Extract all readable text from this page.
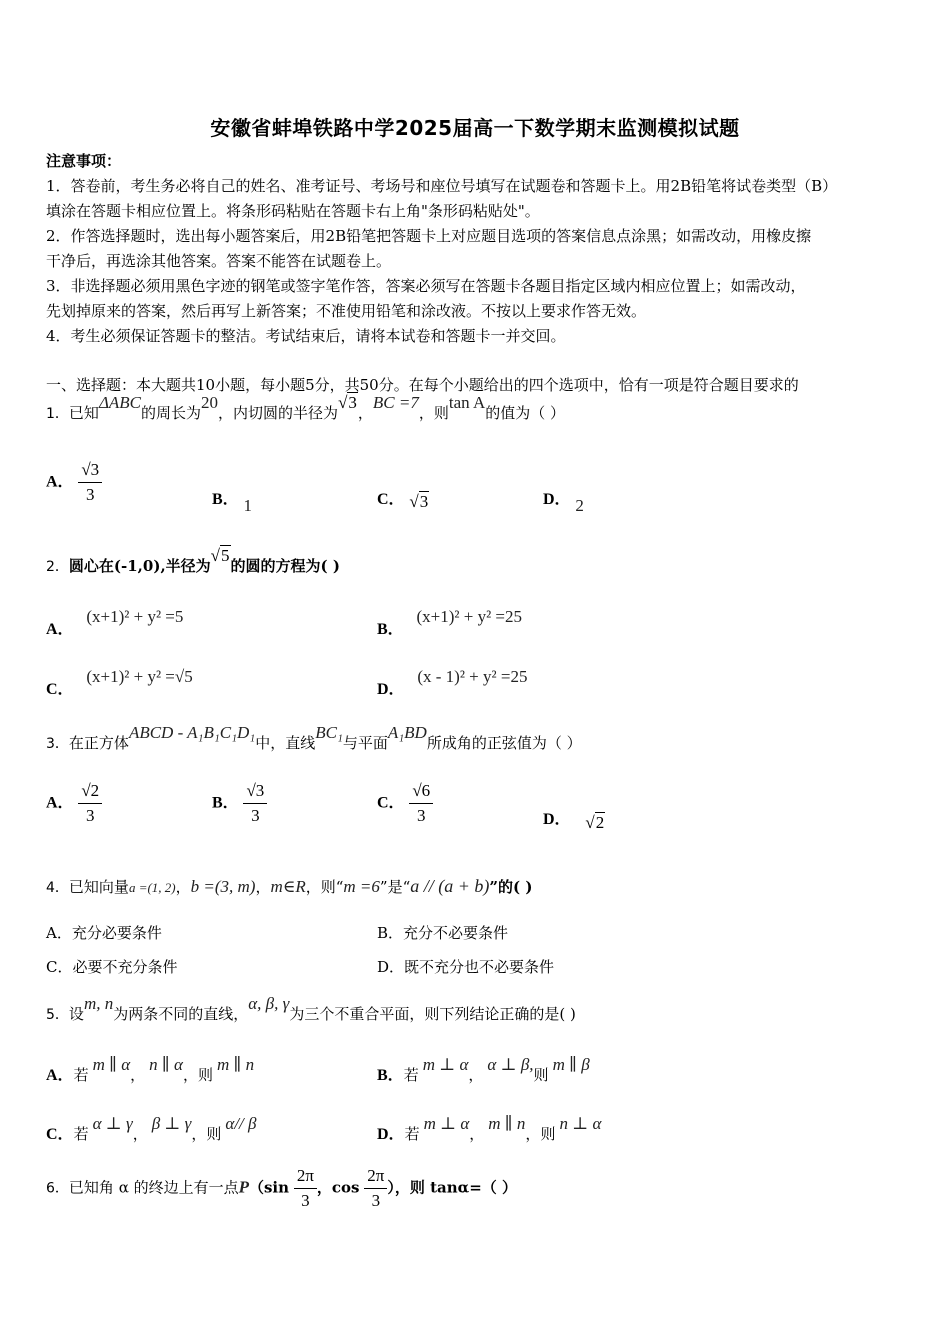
安徽省蚌埠铁路中学2025届高一下数学期末监测模拟试题
注意事项：
1．答卷前，考生务必将自己的姓名、准考证号、考场号和座位号填写在试题卷和答题卡上。用2B铅笔将试卷类型（B）
填涂在答题卡相应位置上。将条形码粘贴在答题卡右上角"条形码粘贴处"。
2．作答选择题时，选出每小题答案后，用2B铅笔把答题卡上对应题目选项的答案信息点涂黑；如需改动，用橡皮擦
干净后，再选涂其他答案。答案不能答在试题卷上。
3．非选择题必须用黑色字迹的钢笔或签字笔作答，答案必须写在答题卡各题目指定区域内相应位置上；如需改动，
先划掉原来的答案，然后再写上新答案；不准使用铅笔和涂改液。不按以上要求作答无效。
4．考生必须保证答题卡的整洁。考试结束后，请将本试卷和答题卡一并交回。
一、选择题：本大题共10小题，每小题5分，共50分。在每个小题给出的四个选项中，恰有一项是符合题目要求的
1．已知ΔABC的周长为20，内切圆的半径为√3，BC =7，则tan A的值为（ ）
A． $\frac{√3}{3}$	B． 1	C． √3	D． 2
2．圆心在(-1,0),半径为√5的圆的方程为( )
A． (x+1)² + y² =5
B． (x+1)² + y² =25
C． (x+1)² + y² =√5
D． (x - 1)² + y² =25
3．在正方体ABCD - A₁B₁C₁D₁中，直线BC₁与平面A₁BD所成角的正弦值为（ ）
A． $\frac{√2}{3}$	B． $\frac{√3}{3}$	C． $\frac{√6}{3}$	D． √2
4．已知向量a =(1, 2)，b =(3, m)，m∈R，则“m =6”是“a // (a + b)”的( )
A．充分必要条件	B．充分不必要条件
C．必要不充分条件	D．既不充分也不必要条件
5．设m, n为两条不同的直线，α, β, γ为三个不重合平面，则下列结论正确的是( )
A．若m ∥ α，n ∥ α，则m ∥ n
B．若m ⊥ α，α ⊥ β,则m ∥ β
C．若α ⊥ γ，β ⊥ γ，则α// β
D．若m ⊥ α，m ∥ n，则n ⊥ α
6．已知角 α 的终边上有一点$P(\sin \frac{2\pi}{3}$ ，$\cos \frac{2\pi}{3}$ ），则 tanα=（ ）
